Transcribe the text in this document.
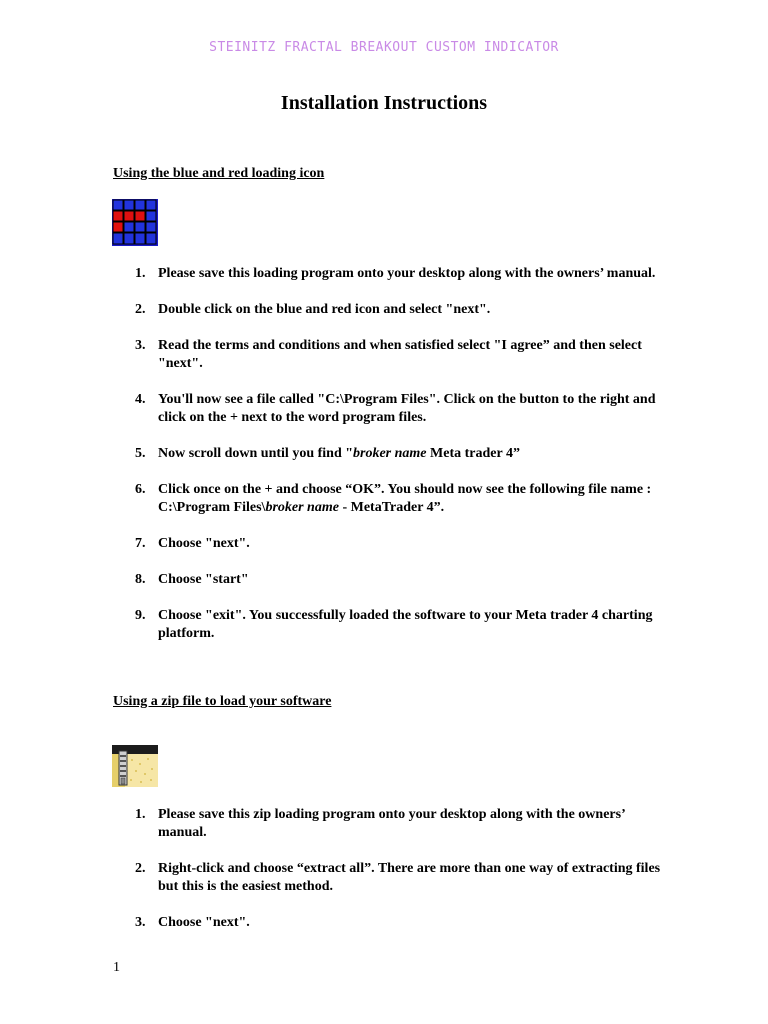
STEINITZ FRACTAL BREAKOUT CUSTOM INDICATOR
Installation Instructions
Using the blue and red loading icon
1. Please save this loading program onto your desktop along with the owners’ manual.
2. Double click on the blue and red icon and select "next".
3. Read the terms and conditions and when satisfied select "I agree” and then select "next".
4. You'll now see a file called "C:\Program Files". Click on the button to the right and click on the + next to the word program files.
5. Now scroll down until you find "broker name Meta trader 4”
6. Click once on the + and choose “OK”. You should now see the following file name : C:\Program Files\broker name - MetaTrader 4”.
7. Choose "next".
8. Choose "start"
9. Choose "exit". You successfully loaded the software to your Meta trader 4 charting platform.
Using a zip file to load your software
1. Please save this zip loading program onto your desktop along with the owners’ manual.
2. Right-click and choose “extract all”. There are more than one way of extracting files but this is the easiest method.
3. Choose "next".
1
